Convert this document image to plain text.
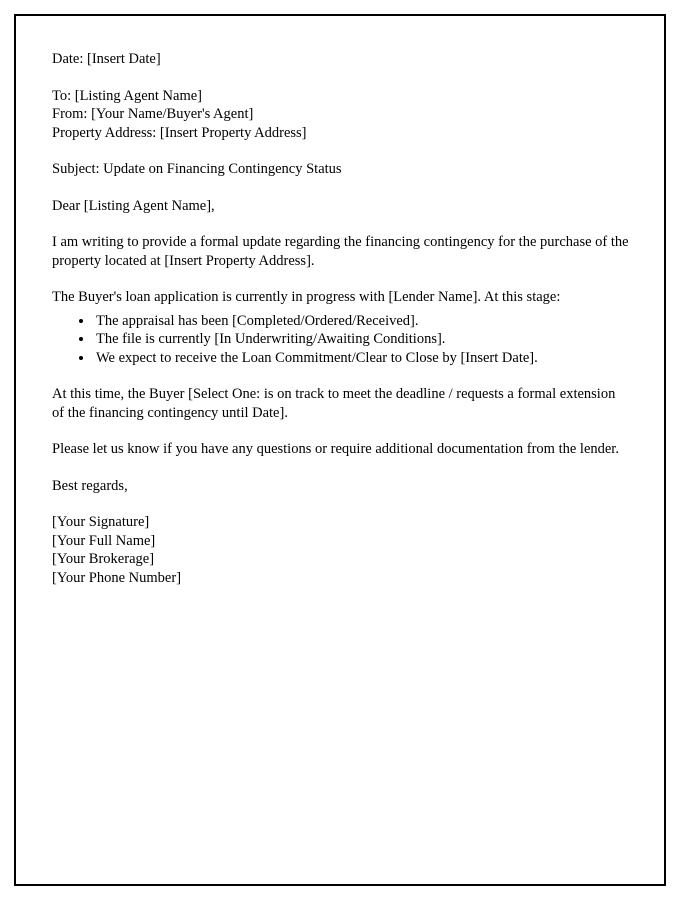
Date: [Insert Date]

To: [Listing Agent Name]

From: [Your Name/Buyer's Agent]

Property Address: [Insert Property Address]

Subject: Update on Financing Contingency Status

Dear [Listing Agent Name],

I am writing to provide a formal update regarding the financing contingency for the purchase of the property located at [Insert Property Address].

The Buyer's loan application is currently in progress with [Lender Name]. At this stage:

• The appraisal has been [Completed/Ordered/Received].
• The file is currently [In Underwriting/Awaiting Conditions].
• We expect to receive the Loan Commitment/Clear to Close by [Insert Date].

At this time, the Buyer [Select One: is on track to meet the deadline / requests a formal extension of the financing contingency until Date].

Please let us know if you have any questions or require additional documentation from the lender.

Best regards,

[Your Signature]

[Your Full Name]

[Your Brokerage]

[Your Phone Number]
